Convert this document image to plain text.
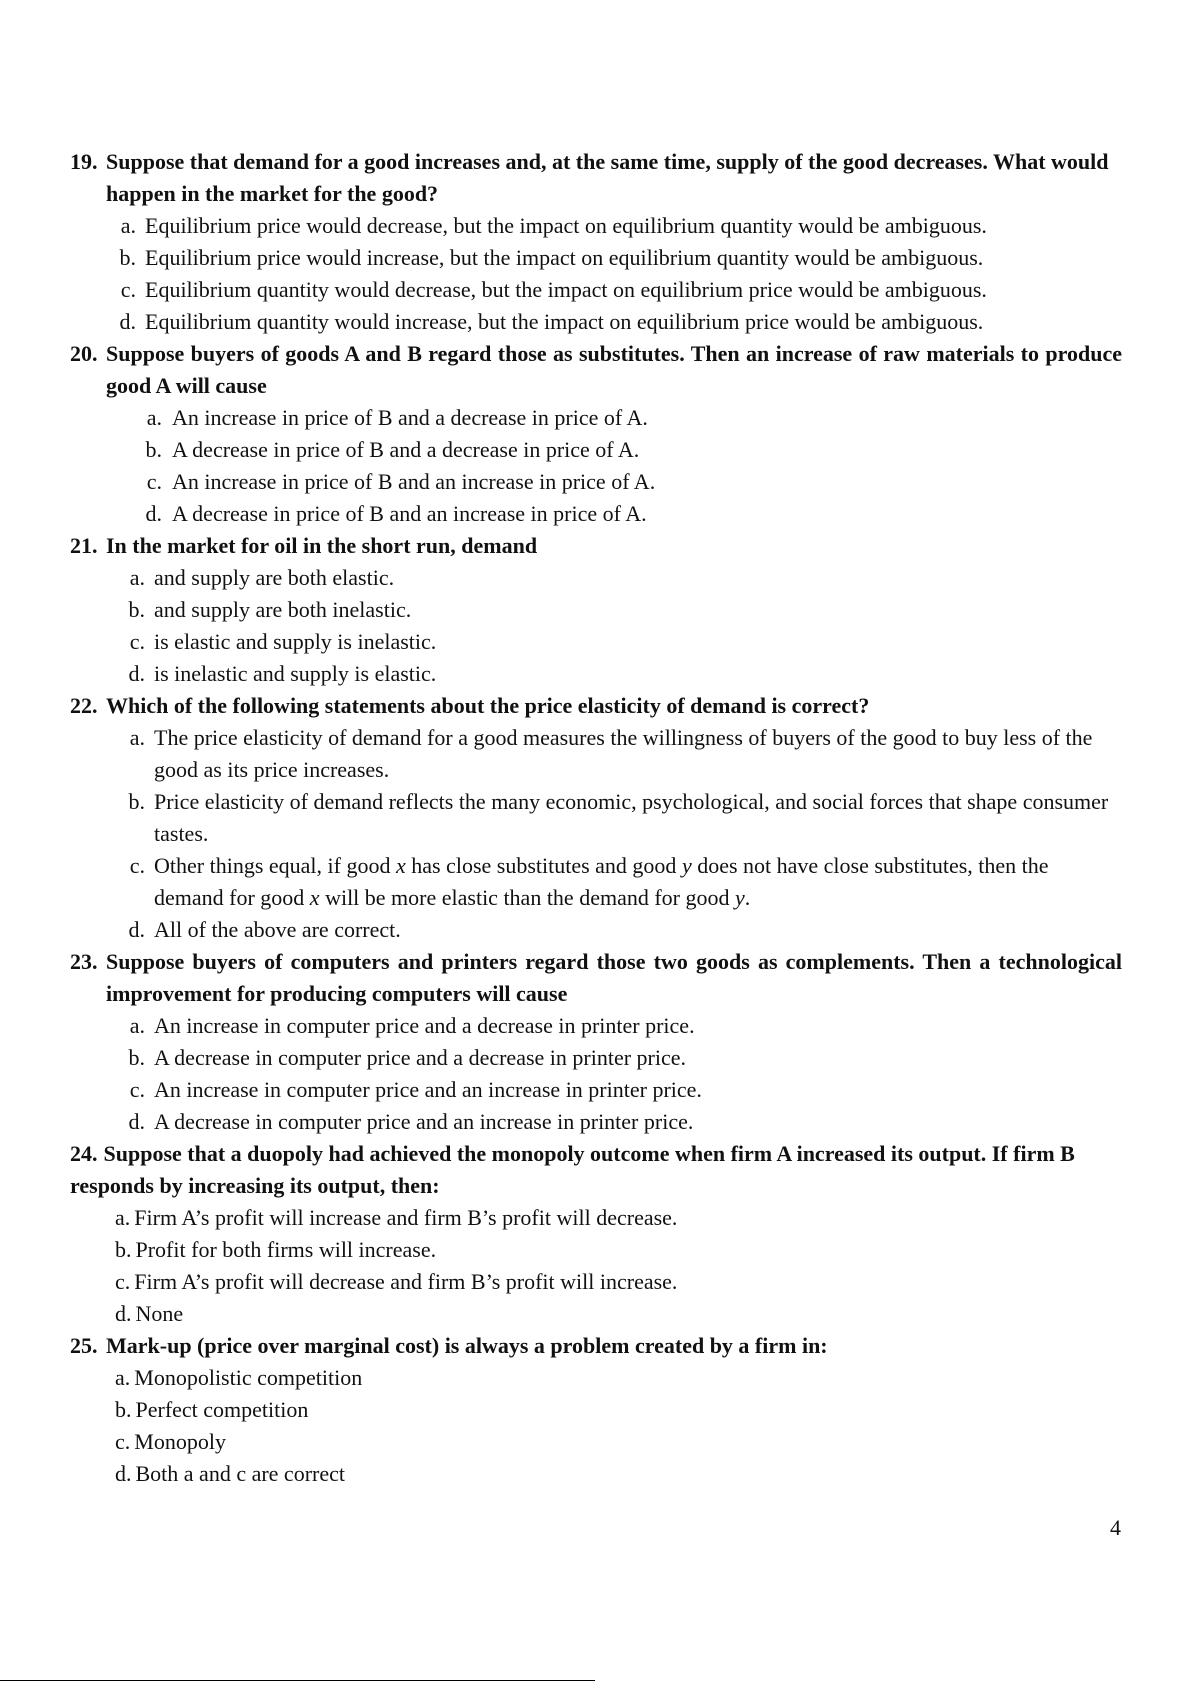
19. Suppose that demand for a good increases and, at the same time, supply of the good decreases. What would happen in the market for the good?
a. Equilibrium price would decrease, but the impact on equilibrium quantity would be ambiguous.
b. Equilibrium price would increase, but the impact on equilibrium quantity would be ambiguous.
c. Equilibrium quantity would decrease, but the impact on equilibrium price would be ambiguous.
d. Equilibrium quantity would increase, but the impact on equilibrium price would be ambiguous.
20. Suppose buyers of goods A and B regard those as substitutes. Then an increase of raw materials to produce good A will cause
a. An increase in price of B and a decrease in price of A.
b. A decrease in price of B and a decrease in price of A.
c. An increase in price of B and an increase in price of A.
d. A decrease in price of B and an increase in price of A.
21. In the market for oil in the short run, demand
a. and supply are both elastic.
b. and supply are both inelastic.
c. is elastic and supply is inelastic.
d. is inelastic and supply is elastic.
22. Which of the following statements about the price elasticity of demand is correct?
a. The price elasticity of demand for a good measures the willingness of buyers of the good to buy less of the good as its price increases.
b. Price elasticity of demand reflects the many economic, psychological, and social forces that shape consumer tastes.
c. Other things equal, if good x has close substitutes and good y does not have close substitutes, then the demand for good x will be more elastic than the demand for good y.
d. All of the above are correct.
23. Suppose buyers of computers and printers regard those two goods as complements. Then a technological improvement for producing computers will cause
a. An increase in computer price and a decrease in printer price.
b. A decrease in computer price and a decrease in printer price.
c. An increase in computer price and an increase in printer price.
d. A decrease in computer price and an increase in printer price.
24. Suppose that a duopoly had achieved the monopoly outcome when firm A increased its output. If firm B responds by increasing its output, then:
a. Firm A’s profit will increase and firm B’s profit will decrease.
b. Profit for both firms will increase.
c. Firm A’s profit will decrease and firm B’s profit will increase.
d. None
25. Mark-up (price over marginal cost) is always a problem created by a firm in:
a. Monopolistic competition
b. Perfect competition
c. Monopoly
d. Both a and c are correct
4
